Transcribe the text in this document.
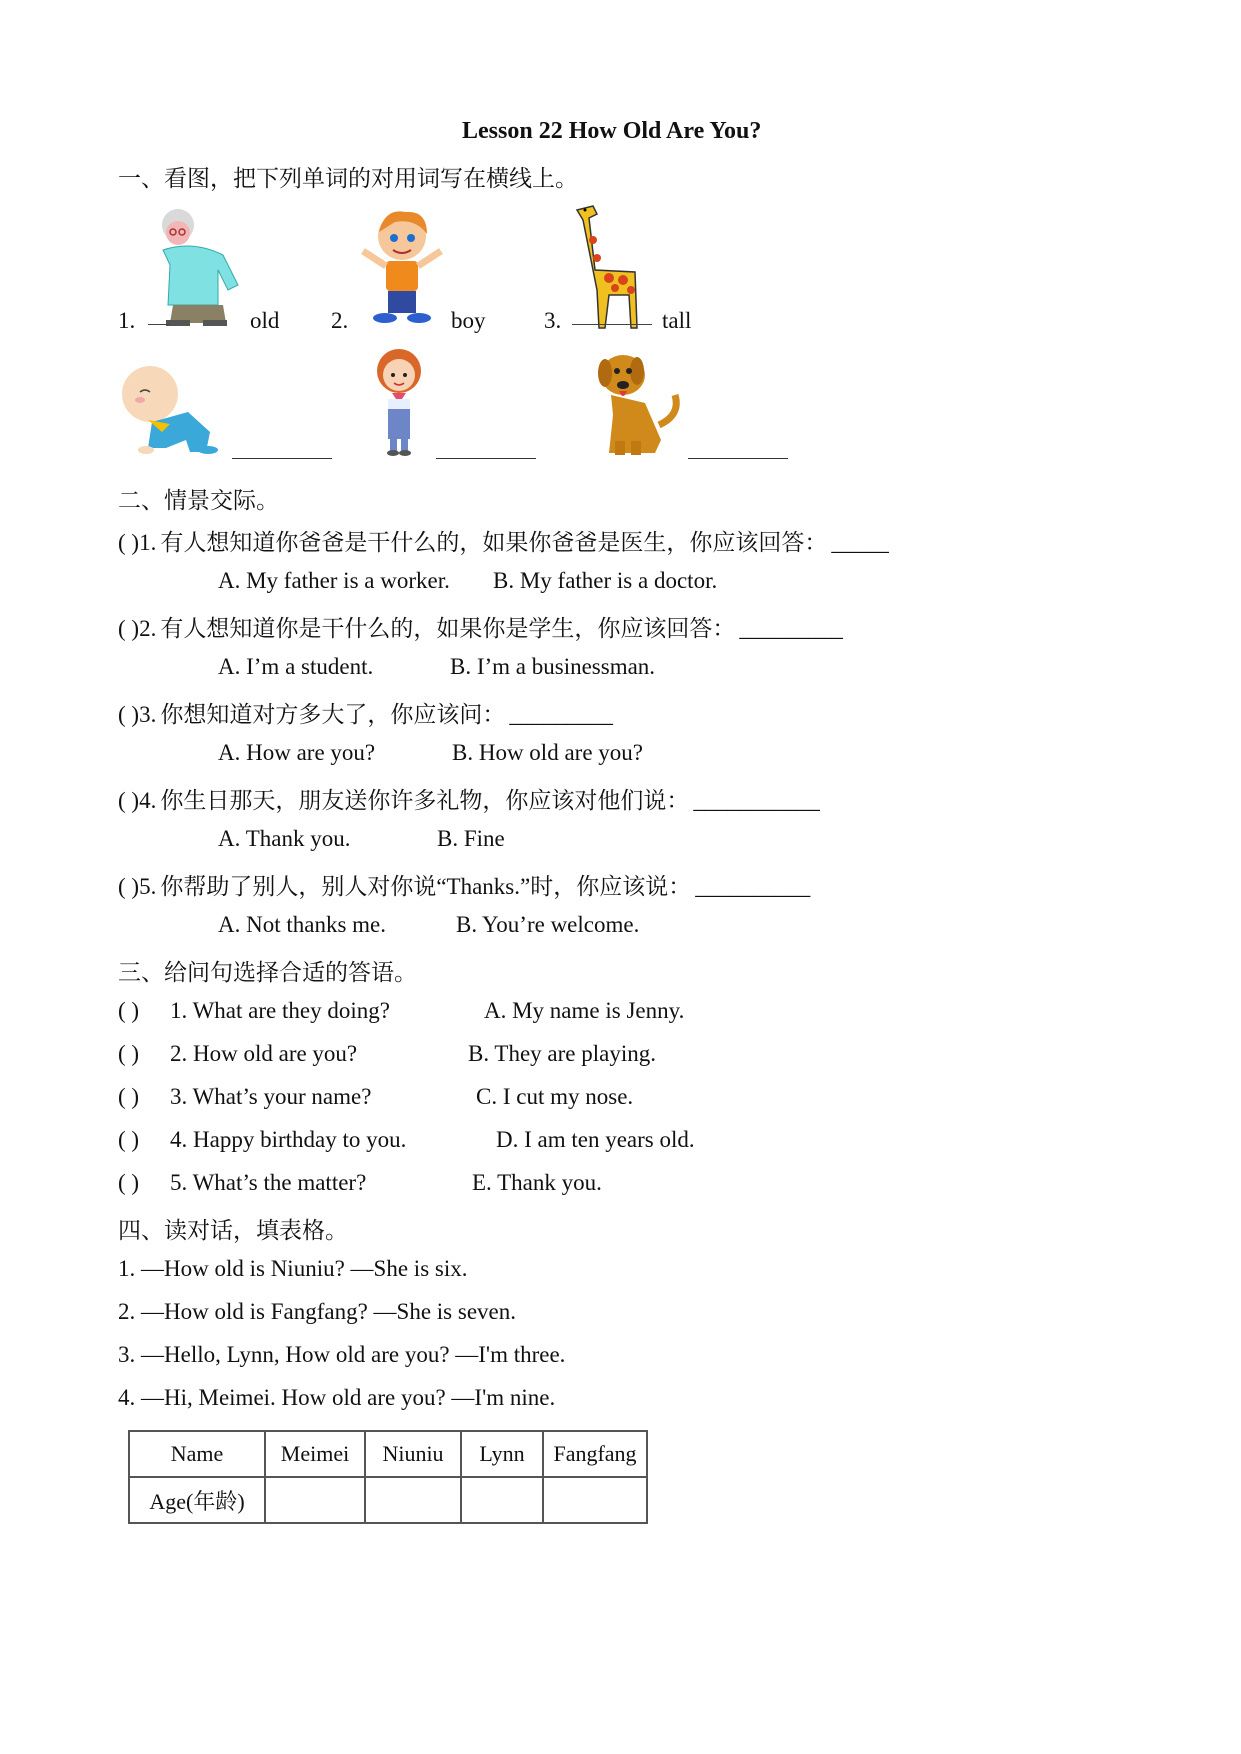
Lesson 22 How Old Are You?
一、看图，把下列单词的对用词写在横线上。
1.	old 2.	boy	3.	tall
二、情景交际。
( )1. 有人想知道你爸爸是干什么的，如果你爸爸是医生，你应该回答： _____
A. My father is a worker. B. My father is a doctor.
( )2. 有人想知道你是干什么的，如果你是学生，你应该回答： _________
A. I’m a student.	B. I’m a businessman.
( )3. 你想知道对方多大了，你应该问： _________
A. How are you?	B. How old are you?
( )4. 你生日那天，朋友送你许多礼物，你应该对他们说： ___________
A. Thank you.	B. Fine
( )5. 你帮助了别人，别人对你说“Thanks.”时，你应该说： __________
A. Not thanks me.	B. You’re welcome.
三、给问句选择合适的答语。
( ) 1. What are they doing?	A. My name is Jenny.
( ) 2. How old are you?	B. They are playing.
( ) 3. What’s your name?	C. I cut my nose.
( ) 4. Happy birthday to you.	D. I am ten years old.
( ) 5. What’s the matter?	E. Thank you.
四、读对话，填表格。
1. —How old is Niuniu? —She is six.
2. —How old is Fangfang? —She is seven.
3. —Hello, Lynn, How old are you? —I'm three.
4. —Hi, Meimei. How old are you? —I'm nine.
Name	Meimei	Niuniu	Lynn	Fangfang
Age(年龄)				
